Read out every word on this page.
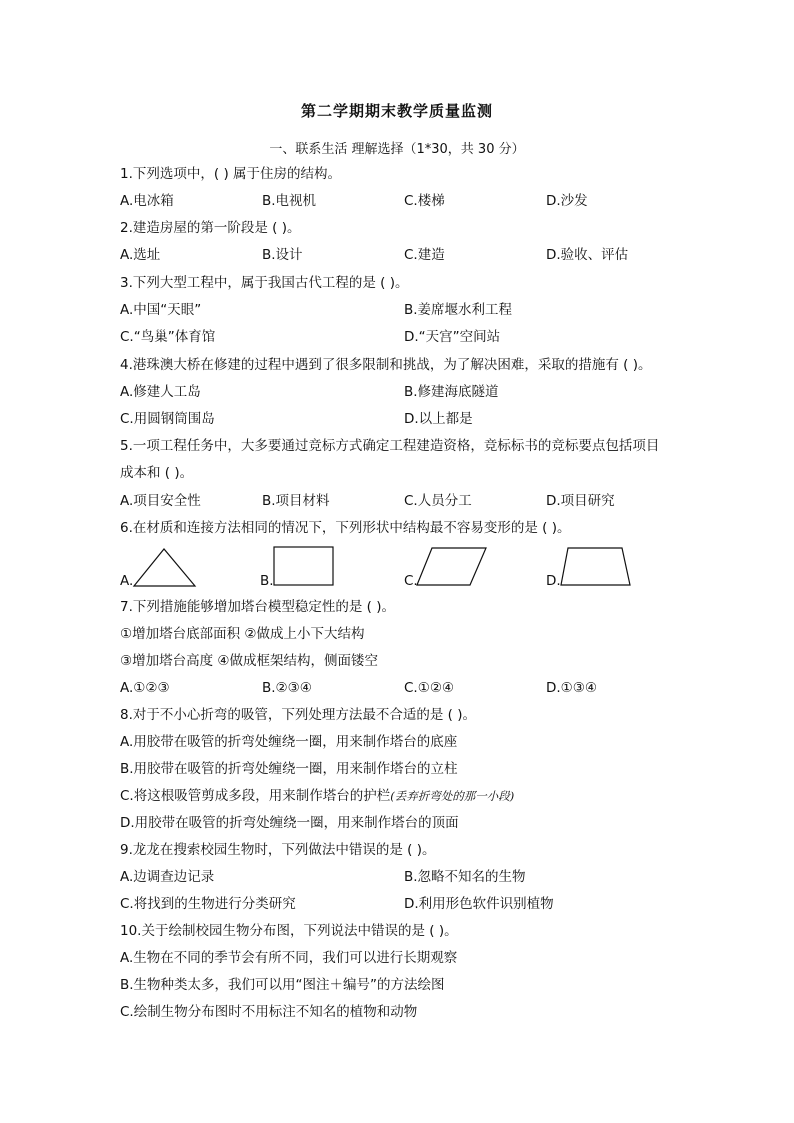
第二学期期末教学质量监测
一、联系生活 理解选择（1*30，共 30 分）
1.下列选项中，( ) 属于住房的结构。
A.电冰箱	B.电视机	C.楼梯	D.沙发
2.建造房屋的第一阶段是 ( )。
A.选址	B.设计	C.建造	D.验收、评估
3.下列大型工程中，属于我国古代工程的是 ( )。
A.中国“天眼”	B.姜席堰水利工程
C.“鸟巢”体育馆	D.“天宫”空间站
4.港珠澳大桥在修建的过程中遇到了很多限制和挑战，为了解决困难，采取的措施有 ( )。
A.修建人工岛	B.修建海底隧道
C.用圆钢筒围岛	D.以上都是
5.一项工程任务中，大多要通过竞标方式确定工程建造资格，竞标标书的竞标要点包括项目
成本和 ( )。
A.项目安全性	B.项目材料	C.人员分工	D.项目研究
6.在材质和连接方法相同的情况下，下列形状中结构最不容易变形的是 ( )。
A.	B.	C.	D.
7.下列措施能够增加塔台模型稳定性的是 ( )。
①增加塔台底部面积 ②做成上小下大结构
③增加塔台高度 ④做成框架结构，侧面镂空
A.①②③	B.②③④	C.①②④	D.①③④
8.对于不小心折弯的吸管，下列处理方法最不合适的是 ( )。
A.用胶带在吸管的折弯处缠绕一圈，用来制作塔台的底座
B.用胶带在吸管的折弯处缠绕一圈，用来制作塔台的立柱
C.将这根吸管剪成多段，用来制作塔台的护栏(丢弃折弯处的那一小段)
D.用胶带在吸管的折弯处缠绕一圈，用来制作塔台的顶面
9.龙龙在搜索校园生物时，下列做法中错误的是 ( )。
A.边调查边记录	B.忽略不知名的生物
C.将找到的生物进行分类研究	D.利用形色软件识别植物
10.关于绘制校园生物分布图，下列说法中错误的是 ( )。
A.生物在不同的季节会有所不同，我们可以进行长期观察
B.生物种类太多，我们可以用“图注＋编号”的方法绘图
C.绘制生物分布图时不用标注不知名的植物和动物
